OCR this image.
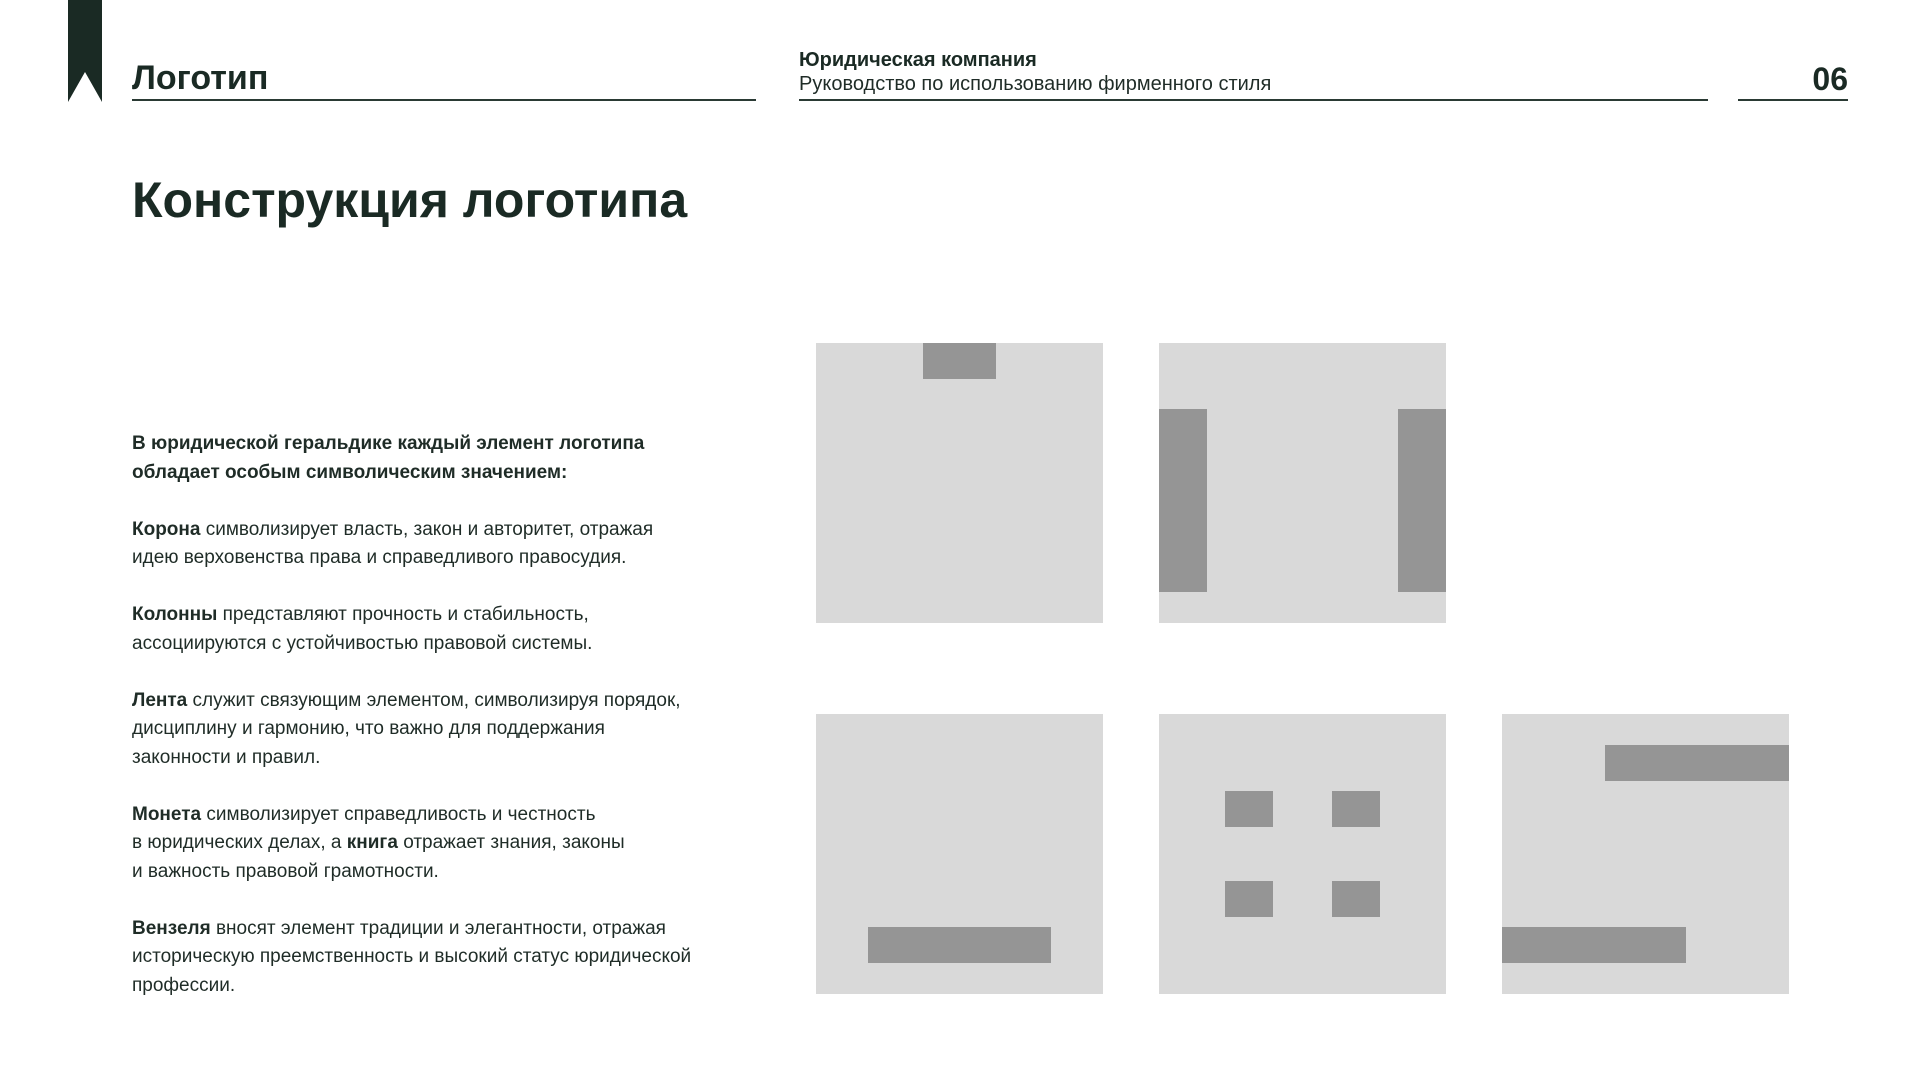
Логотип	Юридическая компания
Руководство по использованию фирменного стиля	06
Конструкция логотипа

В юридической геральдике каждый элемент логотипа
обладает особым символическим значением:

Корона символизирует власть, закон и авторитет, отражая
идею верховенства права и справедливого правосудия.

Колонны представляют прочность и стабильность,
ассоциируются с устойчивостью правовой системы.

Лента служит связующим элементом, символизируя порядок,
дисциплину и гармонию, что важно для поддержания
законности и правил.

Монета символизирует справедливость и честность
в юридических делах, а книга отражает знания, законы
и важность правовой грамотности.

Вензеля вносят элемент традиции и элегантности, отражая
историческую преемственность и высокий статус юридической
профессии.
